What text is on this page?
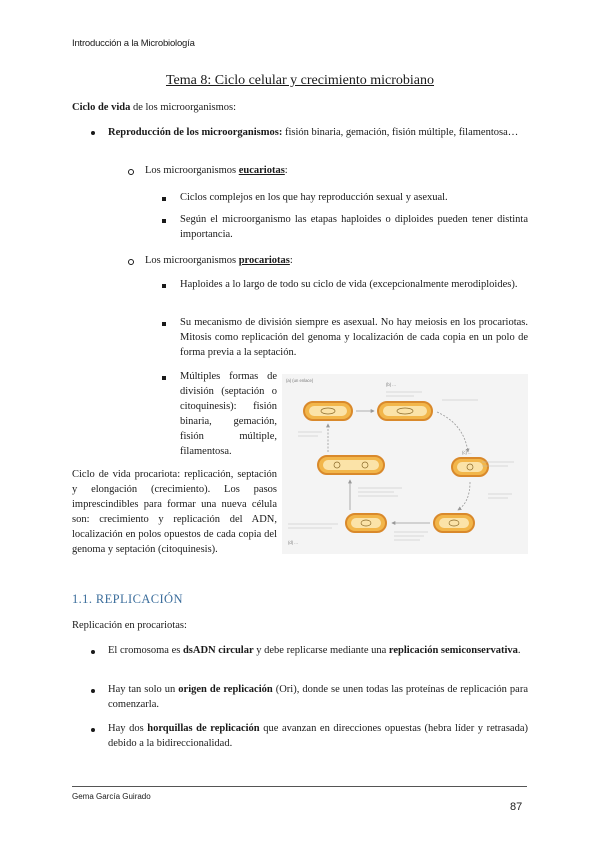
Introducción a la Microbiología
Tema 8: Ciclo celular y crecimiento microbiano
Ciclo de vida de los microorganismos:
Reproducción de los microorganismos: fisión binaria, gemación, fisión múltiple, filamentosa…
Los microorganismos eucariotas:
Ciclos complejos en los que hay reproducción sexual y asexual.
Según el microorganismo las etapas haploides o diploides pueden tener distinta importancia.
Los microorganismos procariotas:
Haploides a lo largo de todo su ciclo de vida (excepcionalmente merodiploides).
Su mecanismo de división siempre es asexual. No hay meiosis en los procariotas. Mitosis como replicación del genoma y localización de cada copia en un polo de forma previa a la septación.
Múltiples formas de división (septación o citoquinesis): fisión binaria, gemación, fisión múltiple, filamentosa.
Ciclo de vida procariota: replicación, septación y elongación (crecimiento). Los pasos imprescindibles para formar una nueva célula son: crecimiento y replicación del ADN, localización en polos opuestos de cada copia del genoma y septación (citoquinesis).
(a) (un enlace)
(b) ...
(c) ...
(d) ...
1.1. REPLICACIÓN
Replicación en procariotas:
El cromosoma es dsADN circular y debe replicarse mediante una replicación semiconservativa.
Hay tan solo un origen de replicación (Ori), donde se unen todas las proteínas de replicación para comenzarla.
Hay dos horquillas de replicación que avanzan en direcciones opuestas (hebra líder y retrasada) debido a la bidireccionalidad.
Gema García Guirado
87
